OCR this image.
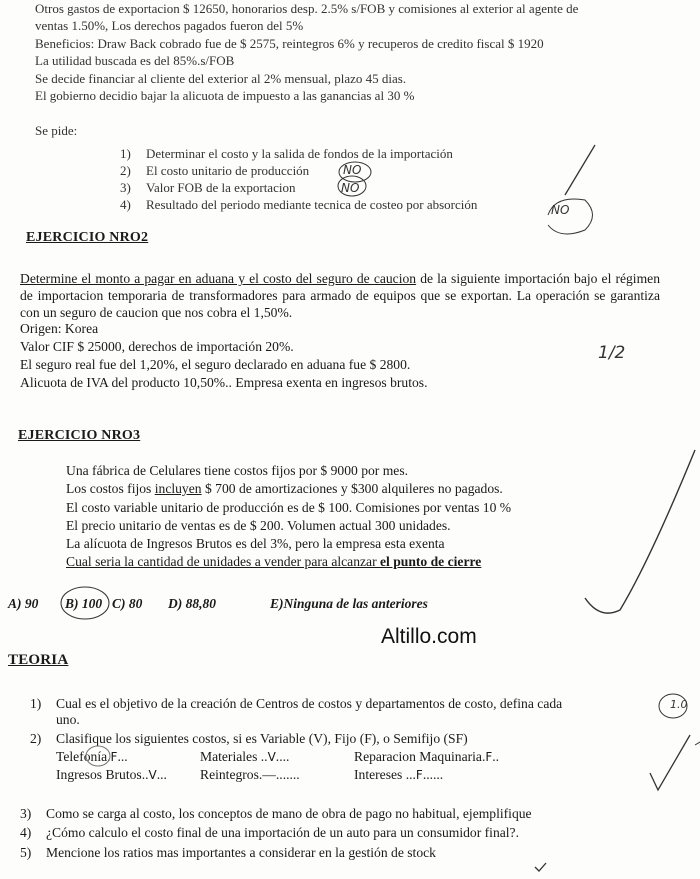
Otros gastos de exportacion $ 12650, honorarios desp. 2.5% s/FOB y comisiones al exterior al agente de
ventas 1.50%, Los derechos pagados fueron del 5%
Beneficios: Draw Back cobrado fue de $ 2575, reintegros 6% y recuperos de credito fiscal $ 1920
La utilidad buscada es del 85%.s/FOB
Se decide financiar al cliente del exterior al 2% mensual, plazo 45 dias.
El gobierno decidio bajar la alicuota de impuesto a las ganancias al 30 %
Se pide:
1) Determinar el costo y la salida de fondos de la importación
2) El costo unitario de producción
3) Valor FOB de la exportacion
4) Resultado del periodo mediante tecnica de costeo por absorción
EJERCICIO NRO2
Determine el monto a pagar en aduana y el costo del seguro de caucion de la siguiente importación bajo el régimen de importacion temporaria de transformadores para armado de equipos que se exportan. La operación se garantiza con un seguro de caucion que nos cobra el 1,50%.
Origen: Korea
Valor CIF $ 25000, derechos de importación 20%.
El seguro real fue del 1,20%, el seguro declarado en aduana fue $ 2800.
Alicuota de IVA del producto 10,50%.. Empresa exenta en ingresos brutos.
EJERCICIO NRO3
Una fábrica de Celulares tiene costos fijos por $ 9000 por mes.
Los costos fijos incluyen $ 700 de amortizaciones y $300 alquileres no pagados.
El costo variable unitario de producción es de $ 100. Comisiones por ventas 10 %
El precio unitario de ventas es de $ 200. Volumen actual 300 unidades.
La alícuota de Ingresos Brutos es del 3%, pero la empresa esta exenta
Cual seria la cantidad de unidades a vender para alcanzar el punto de cierre
A) 90 B) 100 C) 80 D) 88,80	E)Ninguna de las anteriores
Altillo.com
TEORIA
1) Cual es el objetivo de la creación de Centros de costos y departamentos de costo, defina cada
uno.
2) Clasifique los siguientes costos, si es Variable (V), Fijo (F), o Semifijo (SF)
Telefonía.F...	Materiales ..V....	Reparacion Maquinaria.F..
Ingresos Brutos..V... Reintegros.—.......	Intereses ...F......
3) Como se carga al costo, los conceptos de mano de obra de pago no habitual, ejemplifique
4) ¿Cómo calculo el costo final de una importación de un auto para un consumidor final?.
5) Mencione los ratios mas importantes a considerar en la gestión de stock
NO
NO
NO
1/2
1.0
